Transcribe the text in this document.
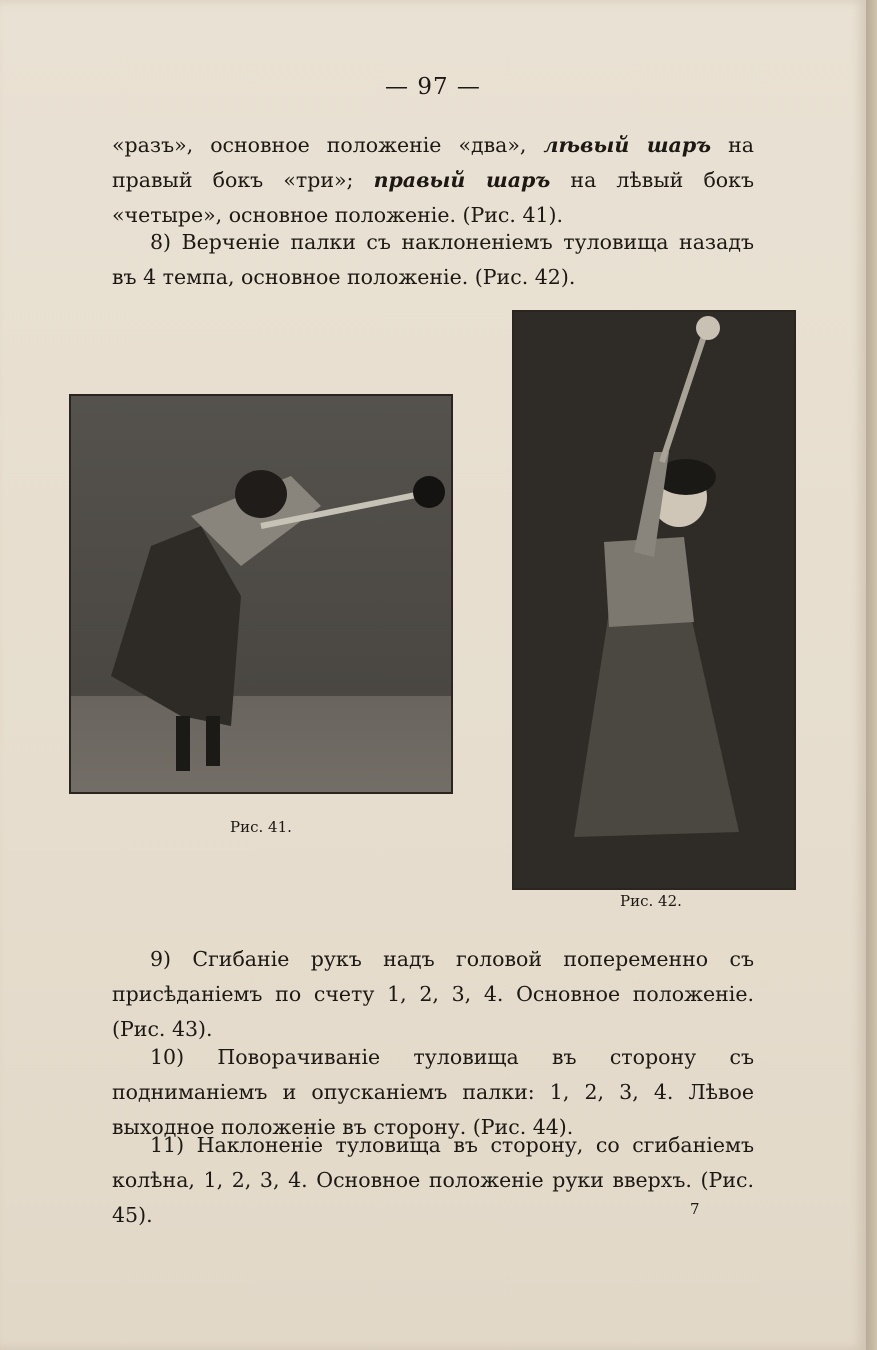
— 97 —
«разъ», основное положеніе «два», лѣвый шаръ на правый бокъ «три»; правый шаръ на лѣвый бокъ «четыре», основное положеніе. (Рис. 41).
8) Верченіе палки съ наклоненіемъ туловища назадъ въ 4 темпа, основное положеніе. (Рис. 42).
Рис. 41.
Рис. 42.
9) Сгибаніе рукъ надъ головой попеременно съ присѣданіемъ по счету 1, 2, 3, 4. Основное положеніе. (Рис. 43).
10) Поворачиваніе туловища въ сторону съ подниманіемъ и опусканіемъ палки: 1, 2, 3, 4. Лѣвое выходное положеніе въ сторону. (Рис. 44).
11) Наклоненіе туловища въ сторону, со сгибаніемъ колѣна, 1, 2, 3, 4. Основное положеніе руки вверхъ. (Рис. 45).	7
